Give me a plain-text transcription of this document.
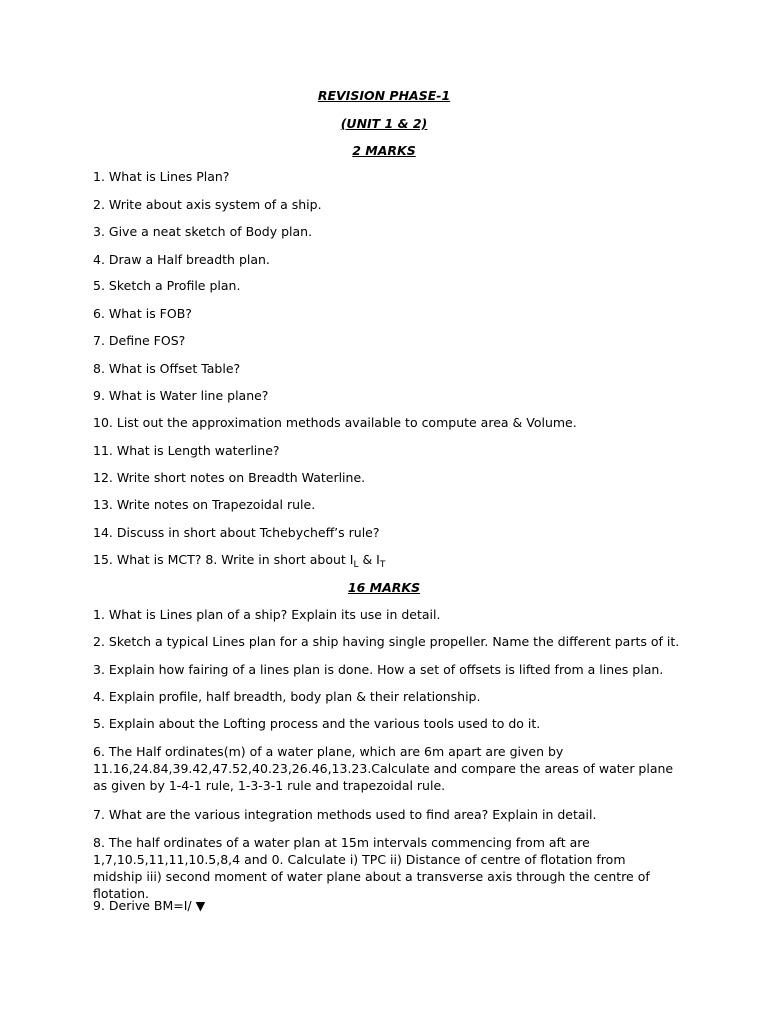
REVISION PHASE-1
(UNIT 1 & 2)
2 MARKS
1. What is Lines Plan?
2. Write about axis system of a ship.
3. Give a neat sketch of Body plan.
4. Draw a Half breadth plan.
5. Sketch a Profile plan.
6. What is FOB?
7. Define FOS?
8. What is Offset Table?
9. What is Water line plane?
10. List out the approximation methods available to compute area & Volume.
11. What is Length waterline?
12. Write short notes on Breadth Waterline.
13. Write notes on Trapezoidal rule.
14. Discuss in short about Tchebycheff’s rule?
15. What is MCT? 8. Write in short about $I_L$ & $I_T$
16 MARKS
1. What is Lines plan of a ship? Explain its use in detail.
2. Sketch a typical Lines plan for a ship having single propeller. Name the different parts of it.
3. Explain how fairing of a lines plan is done. How a set of offsets is lifted from a lines plan.
4. Explain profile, half breadth, body plan & their relationship.
5. Explain about the Lofting process and the various tools used to do it.
6. The Half ordinates(m) of a water plane, which are 6m apart are given by 11.16,24.84,39.42,47.52,40.23,26.46,13.23.Calculate and compare the areas of water plane as given by 1-4-1 rule, 1-3-3-1 rule and trapezoidal rule.
7. What are the various integration methods used to find area? Explain in detail.
8. The half ordinates of a water plan at 15m intervals commencing from aft are 1,7,10.5,11,11,10.5,8,4 and 0. Calculate i) TPC ii) Distance of centre of flotation from midship iii) second moment of water plane about a transverse axis through the centre of flotation.
9. Derive BM=I/ ▼
